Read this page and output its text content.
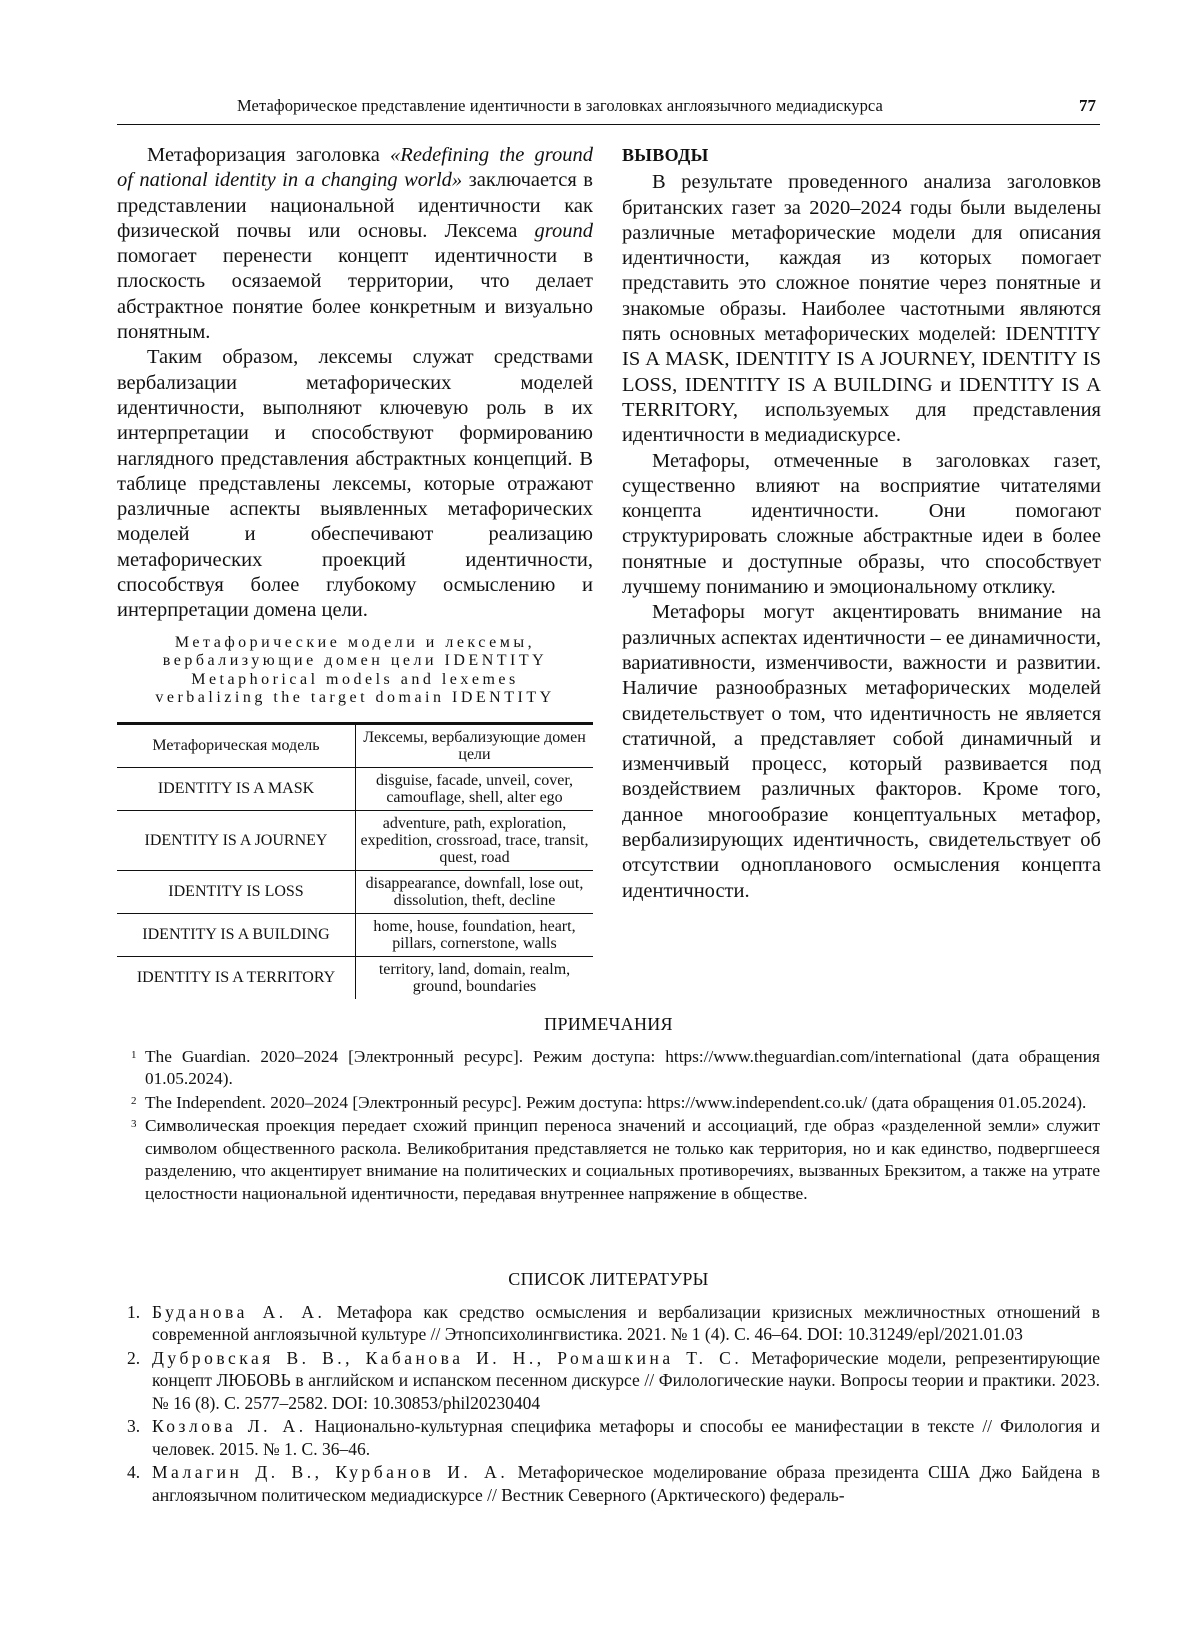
Метафорическое представление идентичности в заголовках англоязычного медиадискурса	77

Метафоризация заголовка «Redefining the ground of national identity in a changing world» заключается в представлении национальной идентичности как физической почвы или основы. Лексема ground помогает перенести концепт идентичности в плоскость осязаемой территории, что делает абстрактное понятие более конкретным и визуально понятным.

Таким образом, лексемы служат средствами вербализации метафорических моделей идентичности, выполняют ключевую роль в их интерпретации и способствуют формированию наглядного представления абстрактных концепций. В таблице представлены лексемы, которые отражают различные аспекты выявленных метафорических моделей и обеспечивают реализацию метафорических проекций идентичности, способствуя более глубокому осмыслению и интерпретации домена цели.

Метафорические модели и лексемы,
вербализующие домен цели IDENTITY
Metaphorical models and lexemes
verbalizing the target domain IDENTITY
Метафорическая модель	Лексемы, вербализующие домен цели
IDENTITY IS A MASK	disguise, facade, unveil, cover, camouflage, shell, alter ego
IDENTITY IS A JOURNEY	adventure, path, exploration, expedition, crossroad, trace, transit, quest, road
IDENTITY IS LOSS	disappearance, downfall, lose out, dissolution, theft, decline
IDENTITY IS A BUILDING	home, house, foundation, heart, pillars, cornerstone, walls
IDENTITY IS A TERRITORY	territory, land, domain, realm, ground, boundaries
ВЫВОДЫ

В результате проведенного анализа заголовков британских газет за 2020–2024 годы были выделены различные метафорические модели для описания идентичности, каждая из которых помогает представить это сложное понятие через понятные и знакомые образы. Наиболее частотными являются пять основных метафорических моделей: IDENTITY IS A MASK, IDENTITY IS A JOURNEY, IDENTITY IS LOSS, IDENTITY IS A BUILDING и IDENTITY IS A TERRITORY, используемых для представления идентичности в медиадискурсе.

Метафоры, отмеченные в заголовках газет, существенно влияют на восприятие читателями концепта идентичности. Они помогают структурировать сложные абстрактные идеи в более понятные и доступные образы, что способствует лучшему пониманию и эмоциональному отклику.

Метафоры могут акцентировать внимание на различных аспектах идентичности – ее динамичности, вариативности, изменчивости, важности и развитии. Наличие разнообразных метафорических моделей свидетельствует о том, что идентичность не является статичной, а представляет собой динамичный и изменчивый процесс, который развивается под воздействием различных факторов. Кроме того, данное многообразие концептуальных метафор, вербализирующих идентичность, свидетельствует об отсутствии однопланового осмысления концепта идентичности.

ПРИМЕЧАНИЯ
1 The Guardian. 2020–2024 [Электронный ресурс]. Режим доступа: https://www.theguardian.com/international (дата обращения 01.05.2024).
2 The Independent. 2020–2024 [Электронный ресурс]. Режим доступа: https://www.independent.co.uk/ (дата обращения 01.05.2024).
3 Символическая проекция передает схожий принцип переноса значений и ассоциаций, где образ «разделенной земли» служит символом общественного раскола. Великобритания представляется не только как территория, но и как единство, подвергшееся разделению, что акцентирует внимание на политических и социальных противоречиях, вызванных Брекзитом, а также на утрате целостности национальной идентичности, передавая внутреннее напряжение в обществе.
СПИСОК ЛИТЕРАТУРЫ
1. Буданова А. А. Метафора как средство осмысления и вербализации кризисных межличностных отношений в современной англоязычной культуре // Этнопсихолингвистика. 2021. № 1 (4). С. 46–64. DOI: 10.31249/epl/2021.01.03
2. Дубровская В. В., Кабанова И. Н., Ромашкина Т. С. Метафорические модели, репрезентирующие концепт ЛЮБОВЬ в английском и испанском песенном дискурсе // Филологические науки. Вопросы теории и практики. 2023. № 16 (8). С. 2577–2582. DOI: 10.30853/phil20230404
3. Козлова Л. А. Национально-культурная специфика метафоры и способы ее манифестации в тексте // Филология и человек. 2015. № 1. С. 36–46.
4. Малагин Д. В., Курбанов И. А. Метафорическое моделирование образа президента США Джо Байдена в англоязычном политическом медиадискурсе // Вестник Северного (Арктического) федераль-
